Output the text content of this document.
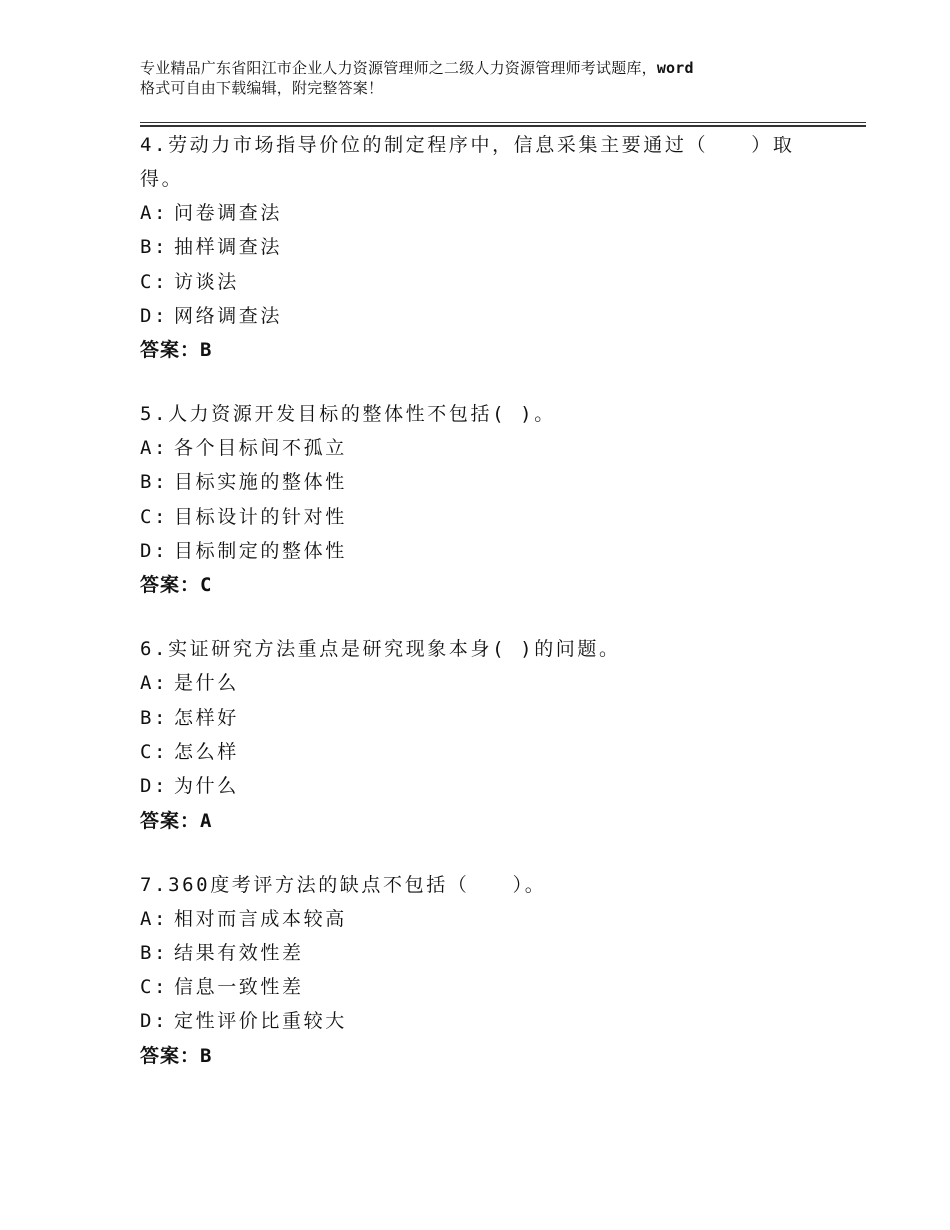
专业精品广东省阳江市企业人力资源管理师之二级人力资源管理师考试题库，word
格式可自由下载编辑，附完整答案！
4.劳动力市场指导价位的制定程序中，信息采集主要通过（　　）取得。
A: 问卷调查法
B: 抽样调查法
C: 访谈法
D: 网络调查法
答案：B
5.人力资源开发目标的整体性不包括( )。
A: 各个目标间不孤立
B: 目标实施的整体性
C: 目标设计的针对性
D: 目标制定的整体性
答案：C
6.实证研究方法重点是研究现象本身( )的问题。
A: 是什么
B: 怎样好
C: 怎么样
D: 为什么
答案：A
7.360度考评方法的缺点不包括（　　）。
A: 相对而言成本较高
B: 结果有效性差
C: 信息一致性差
D: 定性评价比重较大
答案：B
